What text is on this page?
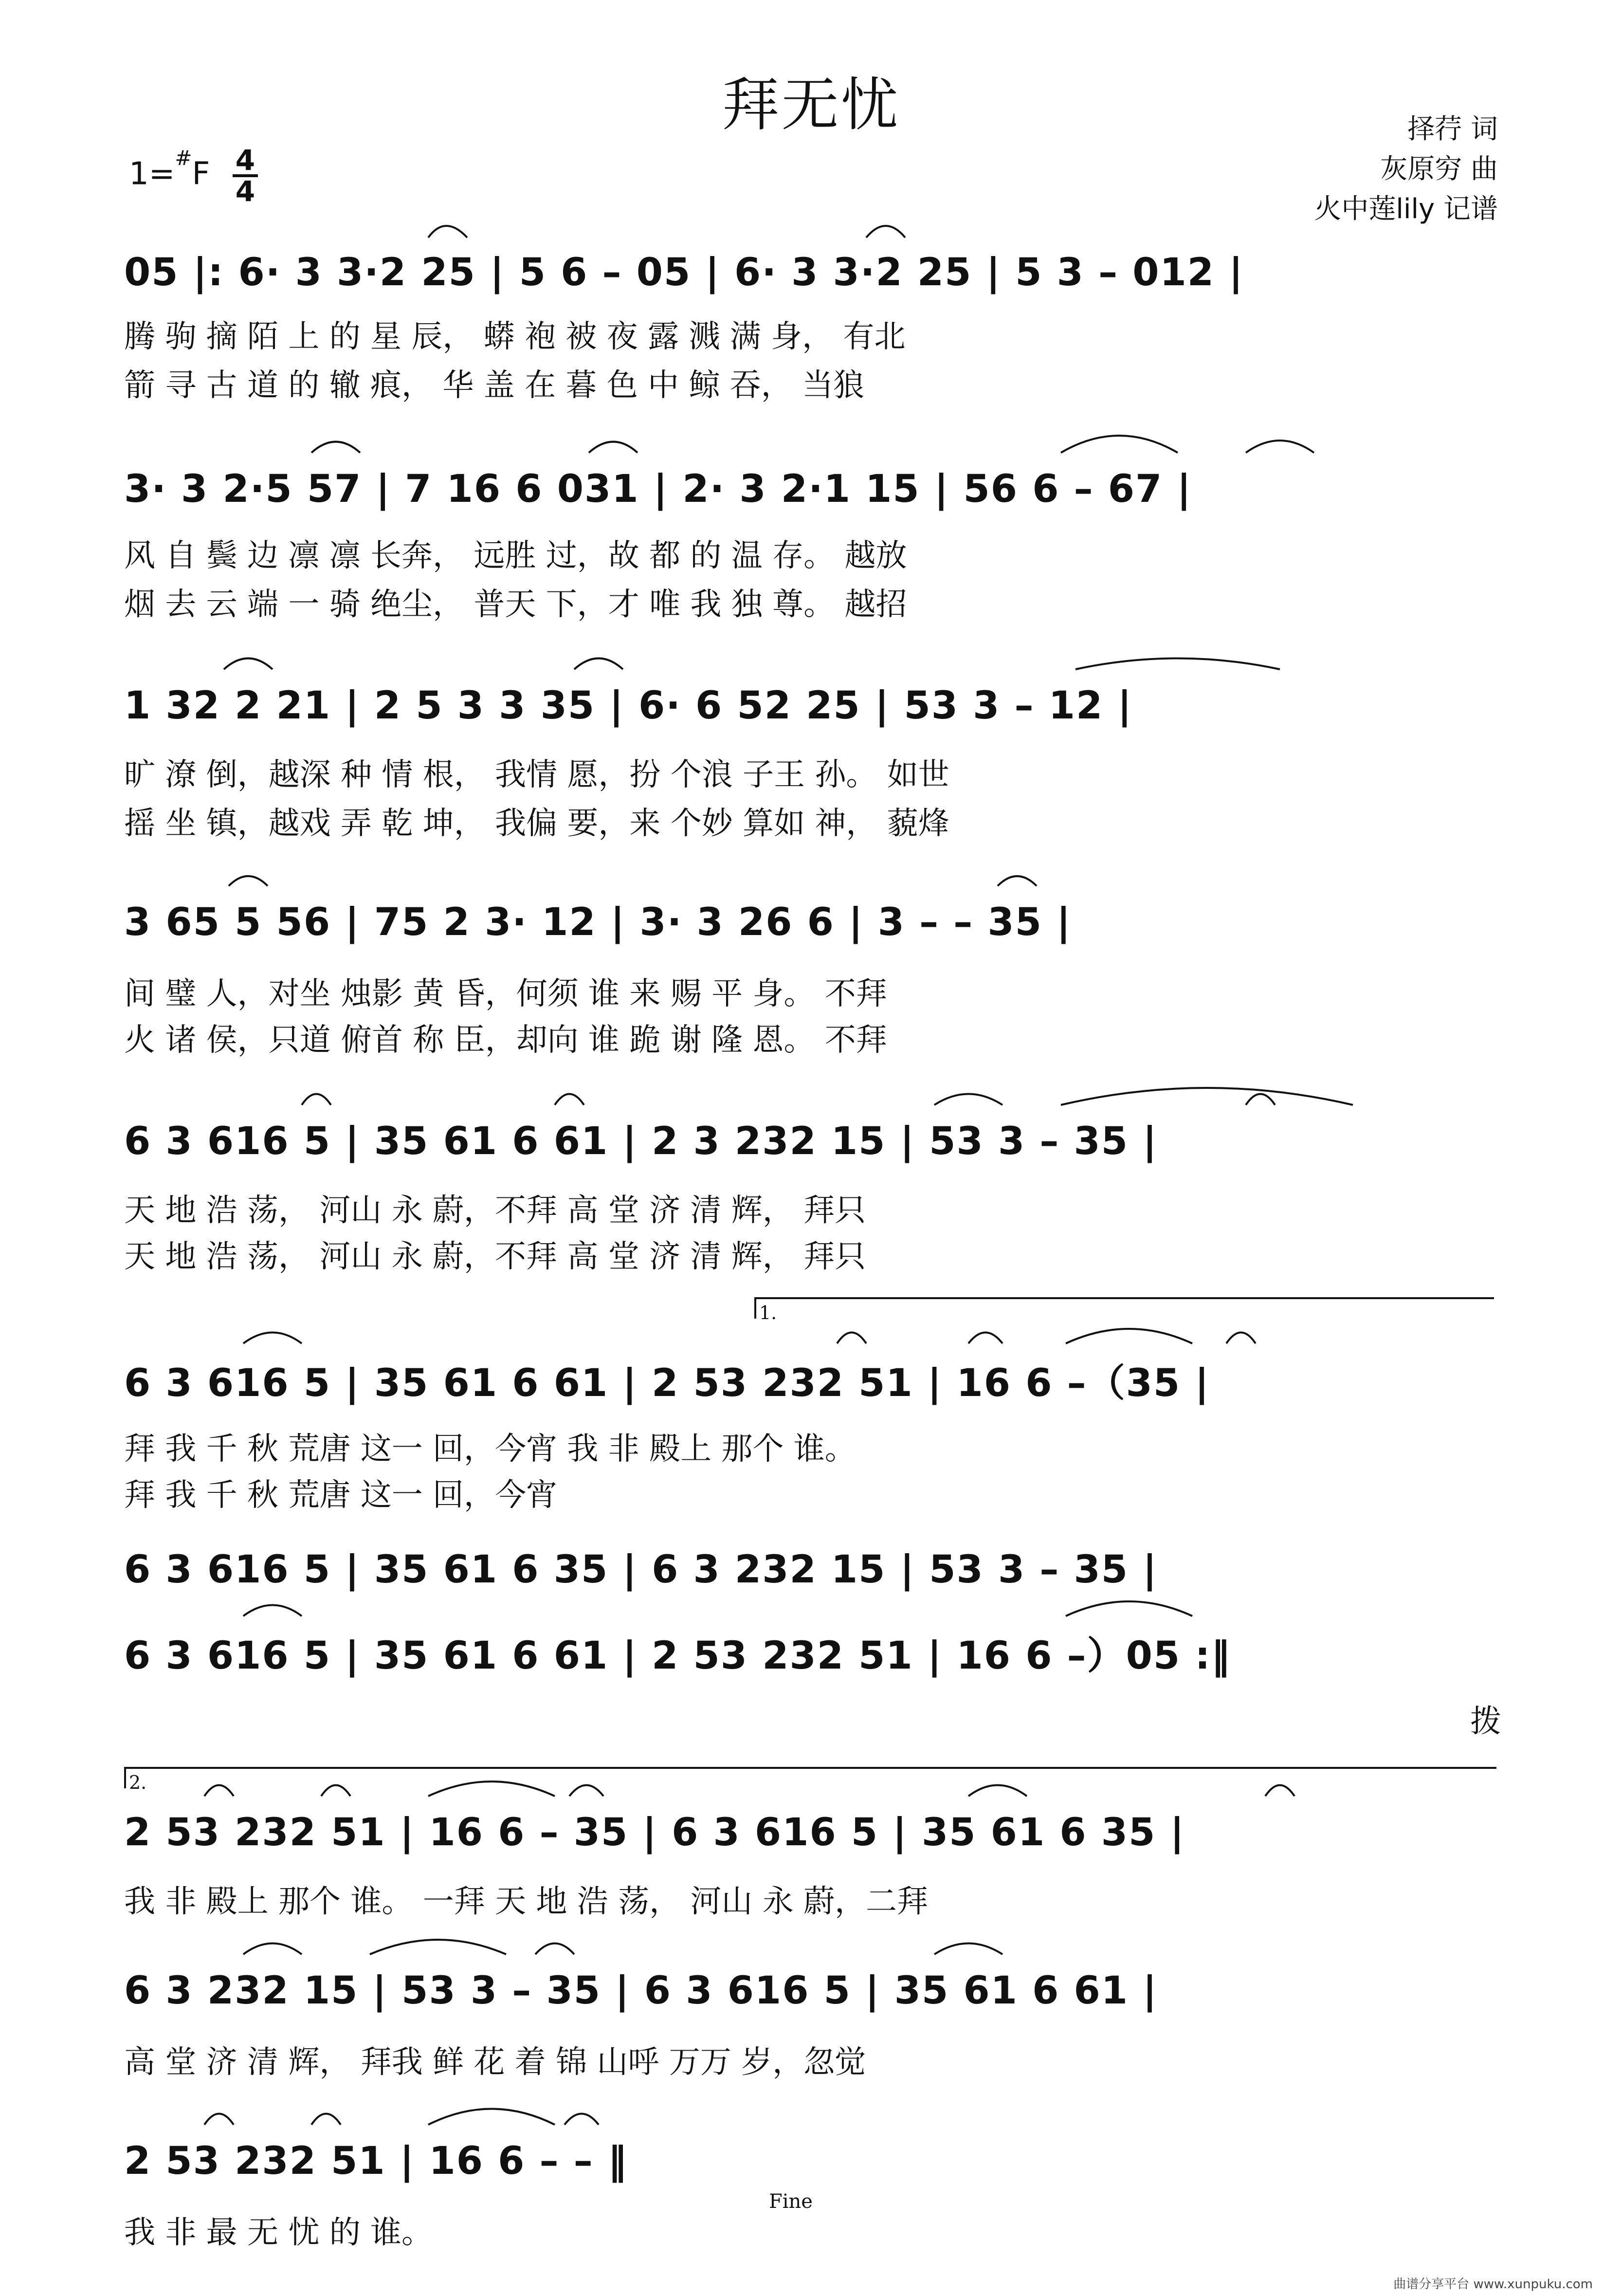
拜无忧
$1=^{\#}F \frac{4}{4}$
择荇 词
灰原穷 曲
火中莲lily 记谱
05 |: 6· 3 3·2 25 | 5 6 – 05 | 6· 3 3·2 25 | 5 3 – 012 |
腾 驹 摘 陌 上 的 星 辰， 蟒 袍 被 夜 露 溅 满 身， 有北
箭 寻 古 道 的 辙 痕， 华 盖 在 暮 色 中 鲸 吞， 当狼
3· 3 2·5 57 | 7 16 6 031 | 2· 3 2·1 15 | 56 6 – 67 |
风 自 鬓 边 凛 凛 长奔， 远胜 过，故 都 的 温 存。 越放
烟 去 云 端 一 骑 绝尘， 普天 下，才 唯 我 独 尊。 越招
1 32 2 21 | 2 5 3 3 35 | 6· 6 52 25 | 53 3 – 12 |
旷 潦 倒，越深 种 情 根， 我情 愿，扮 个浪 子王 孙。 如世
摇 坐 镇，越戏 弄 乾 坤， 我偏 要，来 个妙 算如 神， 藐烽
3 65 5 56 | 75 2 3· 12 | 3· 3 26 6 | 3 – – 35 |
间 璧 人，对坐 烛影 黄 昏，何须 谁 来 赐 平 身。 不拜
火 诸 侯，只道 俯首 称 臣，却向 谁 跪 谢 隆 恩。 不拜
6 3 616 5 | 35 61 6 61 | 2 3 232 15 | 53 3 – 35 |
天 地 浩 荡， 河山 永 蔚，不拜 高 堂 济 清 辉， 拜只
天 地 浩 荡， 河山 永 蔚，不拜 高 堂 济 清 辉， 拜只
1.
6 3 616 5 | 35 61 6 61 | 2 53 232 51 | 16 6 –（35 |
拜 我 千 秋 荒唐 这一 回，今宵 我 非 殿上 那个 谁。
拜 我 千 秋 荒唐 这一 回，今宵
6 3 616 5 | 35 61 6 35 | 6 3 232 15 | 53 3 – 35 |
6 3 616 5 | 35 61 6 61 | 2 53 232 51 | 16 6 –）05 :‖
拨
2.
2 53 232 51 | 16 6 – 35 | 6 3 616 5 | 35 61 6 35 |
我 非 殿上 那个 谁。 一拜 天 地 浩 荡， 河山 永 蔚，二拜
6 3 232 15 | 53 3 – 35 | 6 3 616 5 | 35 61 6 61 |
高 堂 济 清 辉， 拜我 鲜 花 着 锦 山呼 万万 岁，忽觉
2 53 232 51 | 16 6 – – ‖
我 非 最 无 忧 的 谁。
Fine
曲谱分享平台 www.xunpuku.com
